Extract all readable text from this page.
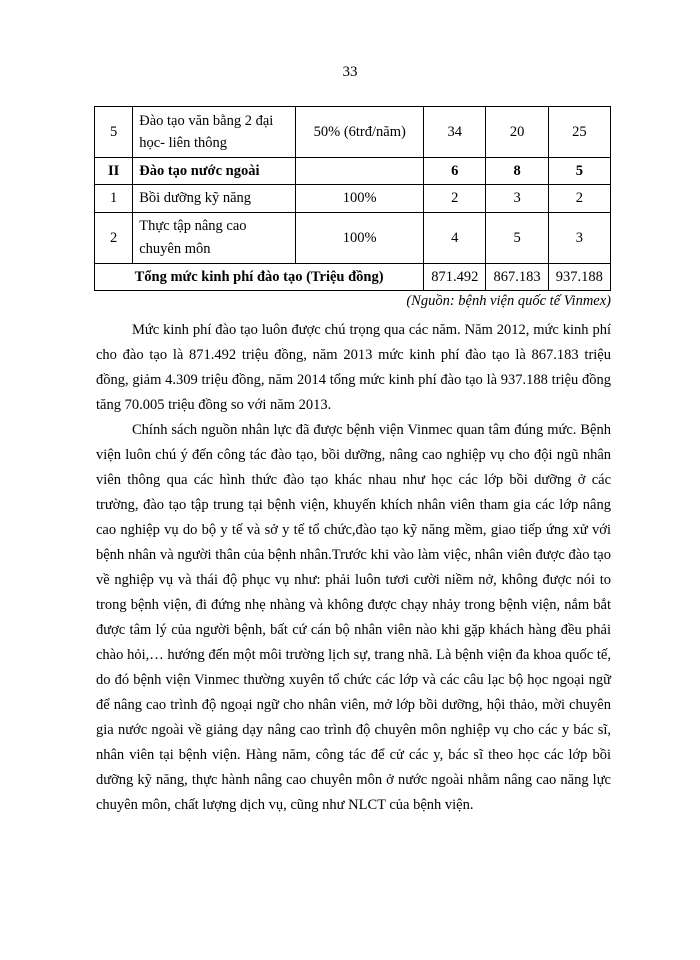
33
5	Đào tạo văn bằng 2 đại học- liên thông	50% (6trđ/năm)	34	20	25
II	Đào tạo nước ngoài		6	8	5
1	Bồi dưỡng kỹ năng	100%	2	3	2
2	Thực tập nâng cao chuyên môn	100%	4	5	3
Tổng mức kinh phí đào tạo (Triệu đồng)			871.492	867.183	937.188
(Nguồn: bệnh viện quốc tế Vinmex)

Mức kinh phí đào tạo luôn được chú trọng qua các năm. Năm 2012, mức kinh phí cho đào tạo là 871.492 triệu đồng, năm 2013 mức kinh phí đào tạo là 867.183 triệu đồng, giảm 4.309 triệu đồng, năm 2014 tổng mức kinh phí đào tạo là 937.188 triệu đồng tăng 70.005 triệu đồng so với năm 2013.

Chính sách nguồn nhân lực đã được bệnh viện Vinmec quan tâm đúng mức. Bệnh viện luôn chú ý đến công tác đào tạo, bồi dưỡng, nâng cao nghiệp vụ cho đội ngũ nhân viên thông qua các hình thức đào tạo khác nhau như học các lớp bồi dưỡng ở các trường, đào tạo tập trung tại bệnh viện, khuyến khích nhân viên tham gia các lớp nâng cao nghiệp vụ do bộ y tế và sở y tế tổ chức,đào tạo kỹ năng mềm, giao tiếp ứng xử với bệnh nhân và người thân của bệnh nhân.Trước khi vào làm việc, nhân viên được đào tạo về nghiệp vụ và thái độ phục vụ như: phải luôn tươi cười niềm nở, không được nói to trong bệnh viện, đi đứng nhẹ nhàng và không được chạy nhảy trong bệnh viện, nắm bắt được tâm lý của người bệnh, bất cứ cán bộ nhân viên nào khi gặp khách hàng đều phải chào hỏi,… hướng đến một môi trường lịch sự, trang nhã. Là bệnh viện đa khoa quốc tế, do đó bệnh viện Vinmec thường xuyên tổ chức các lớp và các câu lạc bộ học ngoại ngữ để nâng cao trình độ ngoại ngữ cho nhân viên, mở lớp bồi dưỡng, hội thảo, mời chuyên gia nước ngoài về giảng dạy nâng cao trình độ chuyên môn nghiệp vụ cho các y bác sĩ, nhân viên tại bệnh viện. Hàng năm, công tác để cử các y, bác sĩ theo học các lớp bồi dưỡng kỹ năng, thực hành nâng cao chuyên môn ở nước ngoài nhằm nâng cao năng lực chuyên môn, chất lượng dịch vụ, cũng như NLCT của bệnh viện.
